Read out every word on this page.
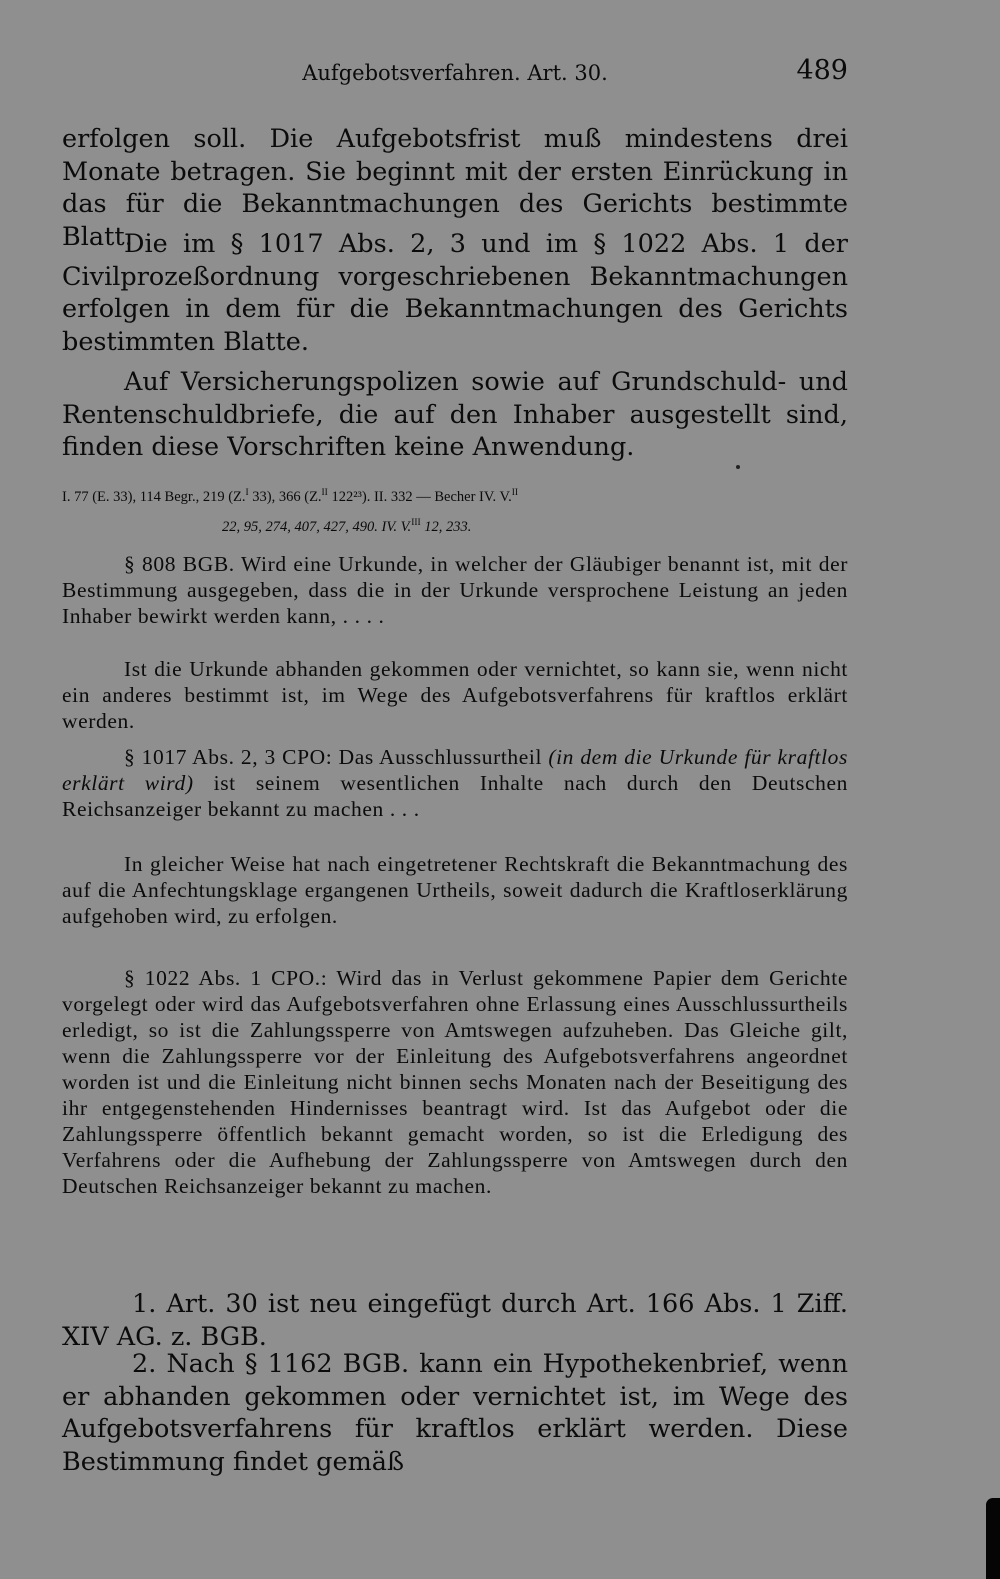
Aufgebotsverfahren. Art. 30.	489

erfolgen soll. Die Aufgebotsfrist muß mindestens drei Monate betragen. Sie beginnt mit der ersten Einrückung in das für die Bekanntmachungen des Gerichts bestimmte Blatt.

Die im § 1017 Abs. 2, 3 und im § 1022 Abs. 1 der Civilprozeßordnung vorgeschriebenen Bekanntmachungen erfolgen in dem für die Bekanntmachungen des Gerichts bestimmten Blatte.

Auf Versicherungspolizen sowie auf Grundschuld- und Rentenschuldbriefe, die auf den Inhaber ausgestellt sind, finden diese Vorschriften keine Anwendung.

I. 77 (E. 33), 114 Begr., 219 (Z.$^I$ 33), 366 (Z.$^{II}$ 122²³). II. 332 — Becher IV. V.$^{II}$
22, 95, 274, 407, 427, 490. IV. V.$^{III}$ 12, 233.

§ 808 BGB. Wird eine Urkunde, in welcher der Gläubiger benannt ist, mit der Bestimmung ausgegeben, dass die in der Urkunde versprochene Leistung an jeden Inhaber bewirkt werden kann, . . . .

Ist die Urkunde abhanden gekommen oder vernichtet, so kann sie, wenn nicht ein anderes bestimmt ist, im Wege des Aufgebotsverfahrens für kraftlos erklärt werden.

§ 1017 Abs. 2, 3 CPO: Das Ausschlussurtheil (in dem die Urkunde für kraftlos erklärt wird) ist seinem wesentlichen Inhalte nach durch den Deutschen Reichsanzeiger bekannt zu machen . . .

In gleicher Weise hat nach eingetretener Rechtskraft die Bekanntmachung des auf die Anfechtungsklage ergangenen Urtheils, soweit dadurch die Kraftloserklärung aufgehoben wird, zu erfolgen.

§ 1022 Abs. 1 CPO.: Wird das in Verlust gekommene Papier dem Gerichte vorgelegt oder wird das Aufgebotsverfahren ohne Erlassung eines Ausschlussurtheils erledigt, so ist die Zahlungssperre von Amtswegen aufzuheben. Das Gleiche gilt, wenn die Zahlungssperre vor der Einleitung des Aufgebotsverfahrens angeordnet worden ist und die Einleitung nicht binnen sechs Monaten nach der Beseitigung des ihr entgegenstehenden Hindernisses beantragt wird. Ist das Aufgebot oder die Zahlungssperre öffentlich bekannt gemacht worden, so ist die Erledigung des Verfahrens oder die Aufhebung der Zahlungssperre von Amtswegen durch den Deutschen Reichsanzeiger bekannt zu machen.

1. Art. 30 ist neu eingefügt durch Art. 166 Abs. 1 Ziff. XIV AG. z. BGB.

2. Nach § 1162 BGB. kann ein Hypothekenbrief, wenn er abhanden gekommen oder vernichtet ist, im Wege des Aufgebotsverfahrens für kraftlos erklärt werden. Diese Bestimmung findet gemäß
